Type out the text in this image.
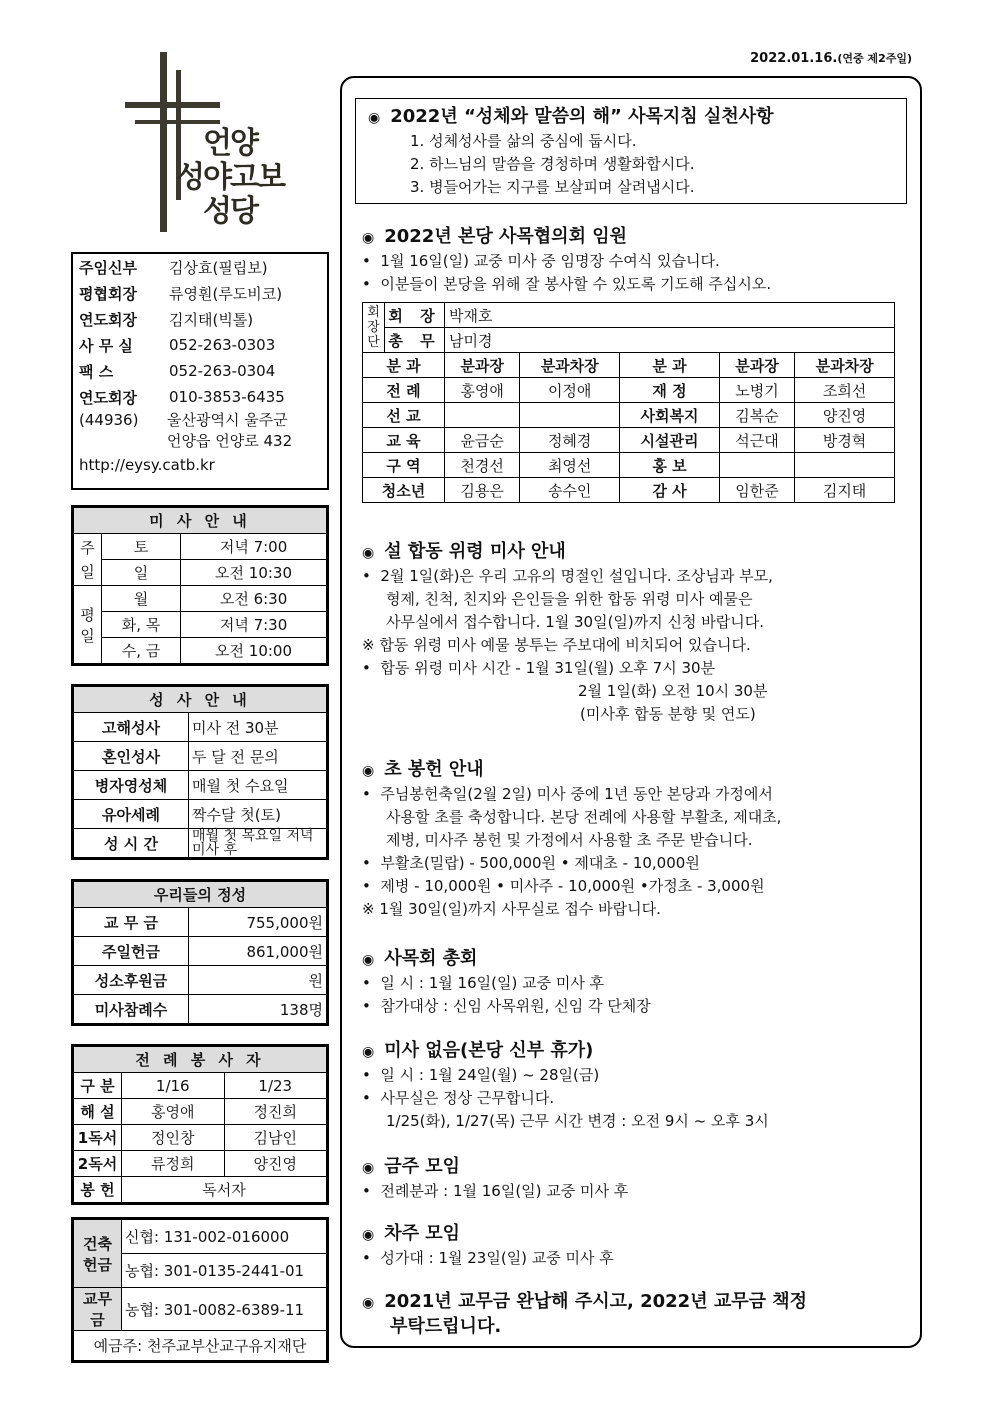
2022.01.16.(연중 제2주일)
언양
성야고보
성당
주임신부	김상효(필립보)
평협회장	류영훤(루도비코)
연도회장	김지태(빅톨)
사 무 실	052-263-0303
팩 스	052-263-0304
연도회장	010-3853-6435
(44936)	울산광역시 울주군
언양읍 언양로 432
http://eysy.catb.kr
미 사 안 내		
주일	토	저녁 7:00
	일	오전 10:30
평일	월	오전 6:30
	화, 목	저녁 7:30
	수, 금	오전 10:00
성 사 안 내	
고해성사	미사 전 30분
혼인성사	두 달 전 문의
병자영성체	매월 첫 수요일
유아세례	짝수달 첫(토)
성 시 간	매월 첫 목요일 저녁미사 후
우리들의 정성	
교 무 금	755,000원
주일헌금	861,000원
성소후원금	원
미사참례수	138명
전 례 봉 사 자		
구 분	1/16	1/23
해 설	홍영애	정진희
1독서	정인창	김남인
2독서	류정희	양진영
봉 헌	독서자	
건축헌금	신협: 131-002-016000
	농협: 301-0135-2441-01
교무금	농협: 301-0082-6389-11
예금주: 천주교부산교구유지재단	
◉ 2022년 “성체와 말씀의 해” 사목지침 실천사항
1. 성체성사를 삶의 중심에 둡시다.
2. 하느님의 말씀을 경청하며 생활화합시다.
3. 병들어가는 지구를 보살피며 살려냅시다.
◉ 2022년 본당 사목협의회 임원
• 1월 16일(일) 교중 미사 중 임명장 수여식 있습니다.
• 이분들이 본당을 위해 잘 봉사할 수 있도록 기도해 주십시오.
회장단	회 장	박재호				
	총 무	남미경				
분 과		분과장	분과차장	분 과	분과장	분과차장
전 례		홍영애	이정애	재 정	노병기	조희선
선 교				사회복지	김복순	양진영
교 육		윤금순	정혜경	시설관리	석근대	방경혁
구 역		천경선	최영선	홍 보		
청소년		김용은	송수인	감 사	임한준	김지태
◉ 설 합동 위령 미사 안내
• 2월 1일(화)은 우리 고유의 명절인 설입니다. 조상님과 부모,
형제, 친척, 친지와 은인들을 위한 합동 위령 미사 예물은
사무실에서 접수합니다. 1월 30일(일)까지 신청 바랍니다.
※ 합동 위령 미사 예물 봉투는 주보대에 비치되어 있습니다.
• 합동 위령 미사 시간 - 1월 31일(월) 오후 7시 30분
2월 1일(화) 오전 10시 30분
(미사후 합동 분향 및 연도)
◉ 초 봉헌 안내
• 주님봉헌축일(2월 2일) 미사 중에 1년 동안 본당과 가정에서
사용할 초를 축성합니다. 본당 전례에 사용할 부활초, 제대초,
제병, 미사주 봉헌 및 가정에서 사용할 초 주문 받습니다.
• 부활초(밀랍) - 500,000원 • 제대초 - 10,000원
• 제병 - 10,000원 • 미사주 - 10,000원 •가정초 - 3,000원
※ 1월 30일(일)까지 사무실로 접수 바랍니다.
◉ 사목회 총회
• 일 시 : 1월 16일(일) 교중 미사 후
• 참가대상 : 신임 사목위원, 신임 각 단체장
◉ 미사 없음(본당 신부 휴가)
• 일 시 : 1월 24일(월) ~ 28일(금)
• 사무실은 정상 근무합니다.
1/25(화), 1/27(목) 근무 시간 변경 : 오전 9시 ~ 오후 3시
◉ 금주 모임
• 전례분과 : 1월 16일(일) 교중 미사 후
◉ 차주 모임
• 성가대 : 1월 23일(일) 교중 미사 후
◉ 2021년 교무금 완납해 주시고, 2022년 교무금 책정
부탁드립니다.
